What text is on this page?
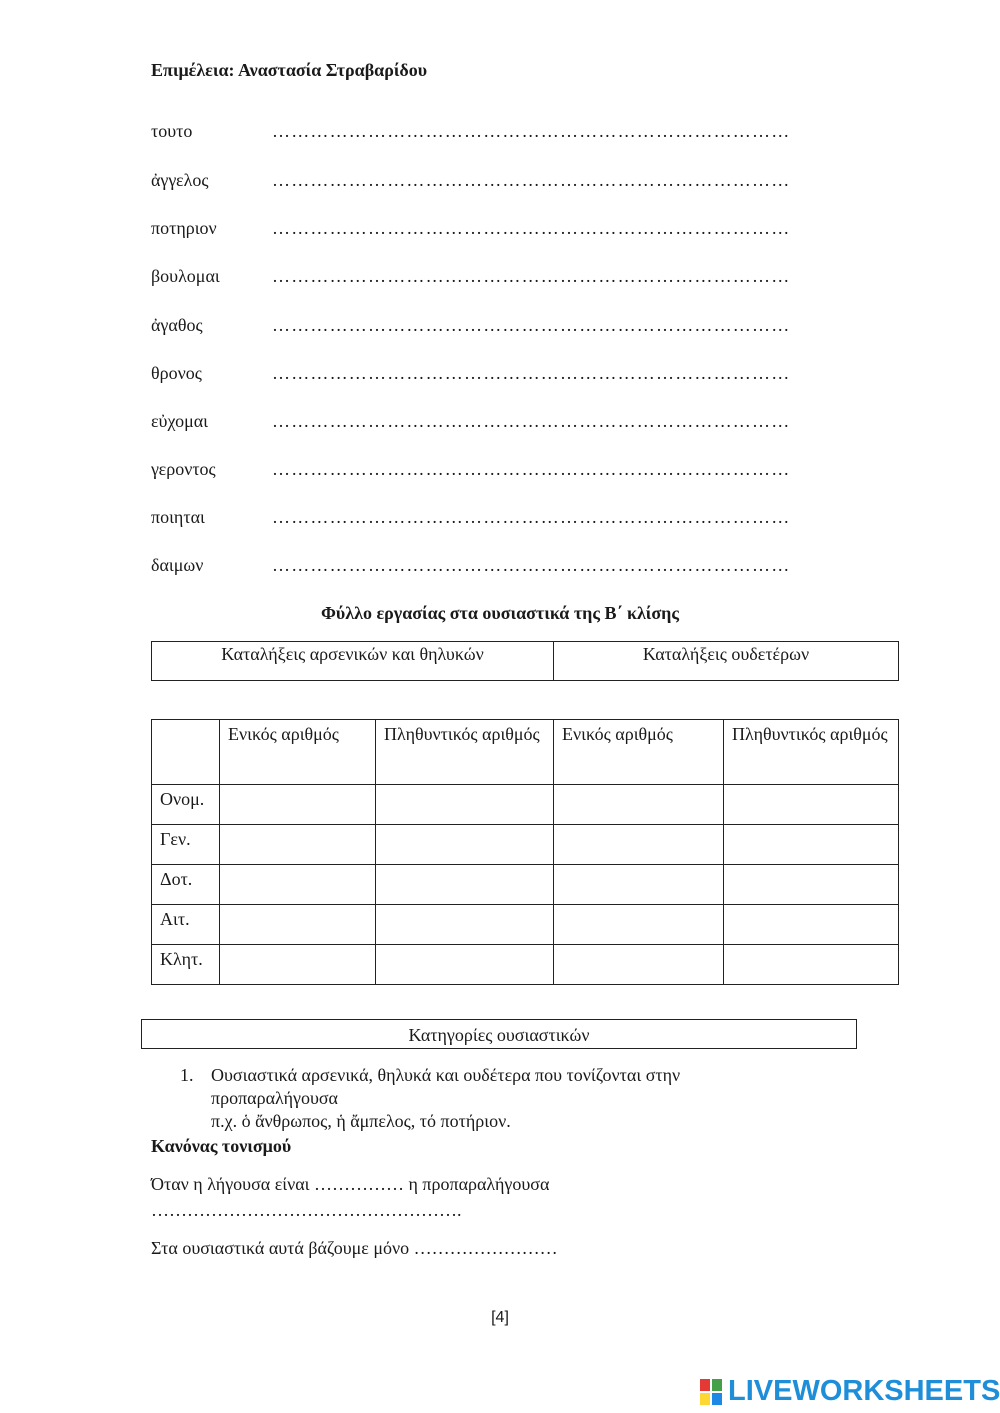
Επιμέλεια: Αναστασία Στραβαρίδου
τουτο	………………………………………………………………………
ἀγγελος	………………………………………………………………………
ποτηριον	………………………………………………………………………
βουλομαι	………………………………………………………………………
ἀγαθος	………………………………………………………………………
θρονος	………………………………………………………………………
εὐχομαι	………………………………………………………………………
γεροντος	………………………………………………………………………
ποιηται	………………………………………………………………………
δαιμων	………………………………………………………………………
Φύλλο εργασίας στα ουσιαστικά της Β΄ κλίσης
Καταλήξεις αρσενικών και θηλυκών	Καταλήξεις ουδετέρων
	Ενικός αριθμός	Πληθυντικός αριθμός	Ενικός αριθμός	Πληθυντικός αριθμός
Ονομ.				
Γεν.				
Δοτ.				
Αιτ.				
Κλητ.				
Κατηγορίες ουσιαστικών
1. Ουσιαστικά αρσενικά, θηλυκά και ουδέτερα που τονίζονται στην προπαραλήγουσα
π.χ. ὁ ἄνθρωπος, ἡ ἄμπελος, τό ποτήριον.
Κανόνας τονισμού
Όταν η λήγουσα είναι …………… η προπαραλήγουσα
…………………………………………….
Στα ουσιαστικά αυτά βάζουμε μόνο ……………………
[4]
LIVEWORKSHEETS
